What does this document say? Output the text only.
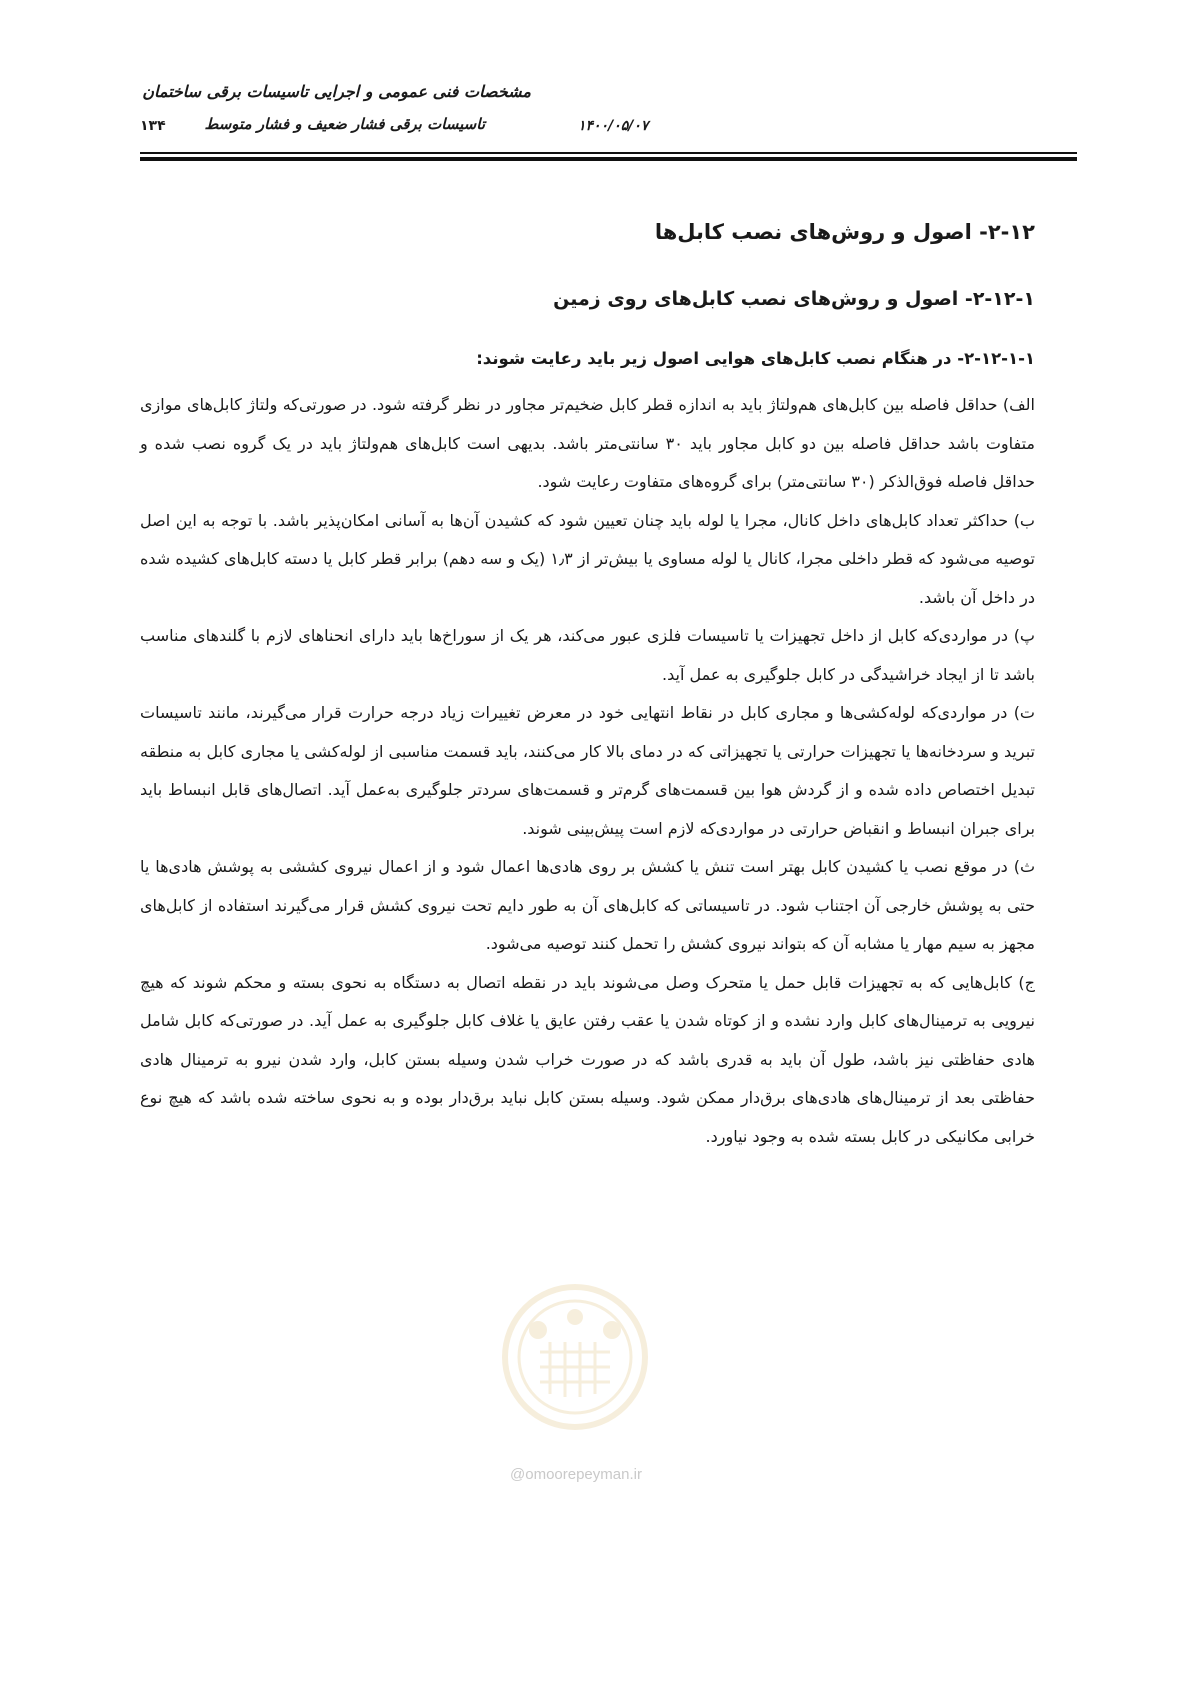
مشخصات فنی عمومی و اجرایی تاسیسات برقی ساختمان
تاسیسات برقی فشار ضعیف و فشار متوسط	۱۴۰۰/۰۵/۰۷
۱۳۴
۲-۱۲- اصول و روش‌های نصب کابل‌ها
۲-۱۲-۱- اصول و روش‌های نصب کابل‌های روی زمین
۲-۱۲-۱-۱- در هنگام نصب کابل‌های هوایی اصول زیر باید رعایت شوند:

الف) حداقل فاصله بین کابل‌های هم‌ولتاژ باید به اندازه قطر کابل ضخیم‌تر مجاور در نظر گرفته شود. در صورتی‌که ولتاژ کابل‌های موازی متفاوت باشد حداقل فاصله بین دو کابل مجاور باید ۳۰ سانتی‌متر باشد. بدیهی است کابل‌های هم‌ولتاژ باید در یک گروه نصب شده و حداقل فاصله فوق‌الذکر (۳۰ سانتی‌متر) برای گروه‌های متفاوت رعایت شود.

ب) حداکثر تعداد کابل‌های داخل کانال، مجرا یا لوله باید چنان تعیین شود که کشیدن آن‌ها به آسانی امکان‌پذیر باشد. با توجه به این اصل توصیه می‌شود که قطر داخلی مجرا، کانال یا لوله مساوی یا بیش‌تر از ۱٫۳ (یک و سه دهم) برابر قطر کابل یا دسته کابل‌های کشیده شده در داخل آن باشد.

پ) در مواردی‌که کابل از داخل تجهیزات یا تاسیسات فلزی عبور می‌کند، هر یک از سوراخ‌ها باید دارای انحناهای لازم با گلندهای مناسب باشد تا از ایجاد خراشیدگی در کابل جلوگیری به عمل آید.

ت) در مواردی‌که لوله‌کشی‌ها و مجاری کابل در نقاط انتهایی خود در معرض تغییرات زیاد درجه حرارت قرار می‌گیرند، مانند تاسیسات تبرید و سردخانه‌ها یا تجهیزات حرارتی یا تجهیزاتی که در دمای بالا کار می‌کنند، باید قسمت مناسبی از لوله‌کشی یا مجاری کابل به منطقه تبدیل اختصاص داده شده و از گردش هوا بین قسمت‌های گرم‌تر و قسمت‌های سردتر جلوگیری به‌عمل آید. اتصال‌های قابل انبساط باید برای جبران انبساط و انقباض حرارتی در مواردی‌که لازم است پیش‌بینی شوند.

ث) در موقع نصب یا کشیدن کابل بهتر است تنش یا کشش بر روی هادی‌ها اعمال شود و از اعمال نیروی کششی به پوشش هادی‌ها یا حتی به پوشش خارجی آن اجتناب شود. در تاسیساتی که کابل‌های آن به طور دایم تحت نیروی کشش قرار می‌گیرند استفاده از کابل‌های مجهز به سیم مهار یا مشابه آن که بتواند نیروی کشش را تحمل کنند توصیه می‌شود.

ج) کابل‌هایی که به تجهیزات قابل حمل یا متحرک وصل می‌شوند باید در نقطه اتصال به دستگاه به نحوی بسته و محکم شوند که هیچ نیرویی به ترمینال‌های کابل وارد نشده و از کوتاه شدن یا عقب رفتن عایق یا غلاف کابل جلوگیری به عمل آید. در صورتی‌که کابل شامل هادی حفاظتی نیز باشد، طول آن باید به قدری باشد که در صورت خراب شدن وسیله بستن کابل، وارد شدن نیرو به ترمینال هادی حفاظتی بعد از ترمینال‌های هادی‌های برق‌دار ممکن شود. وسیله بستن کابل نباید برق‌دار بوده و به نحوی ساخته شده باشد که هیچ نوع خرابی مکانیکی در کابل بسته شده به وجود نیاورد.

@omoorepeyman.ir
